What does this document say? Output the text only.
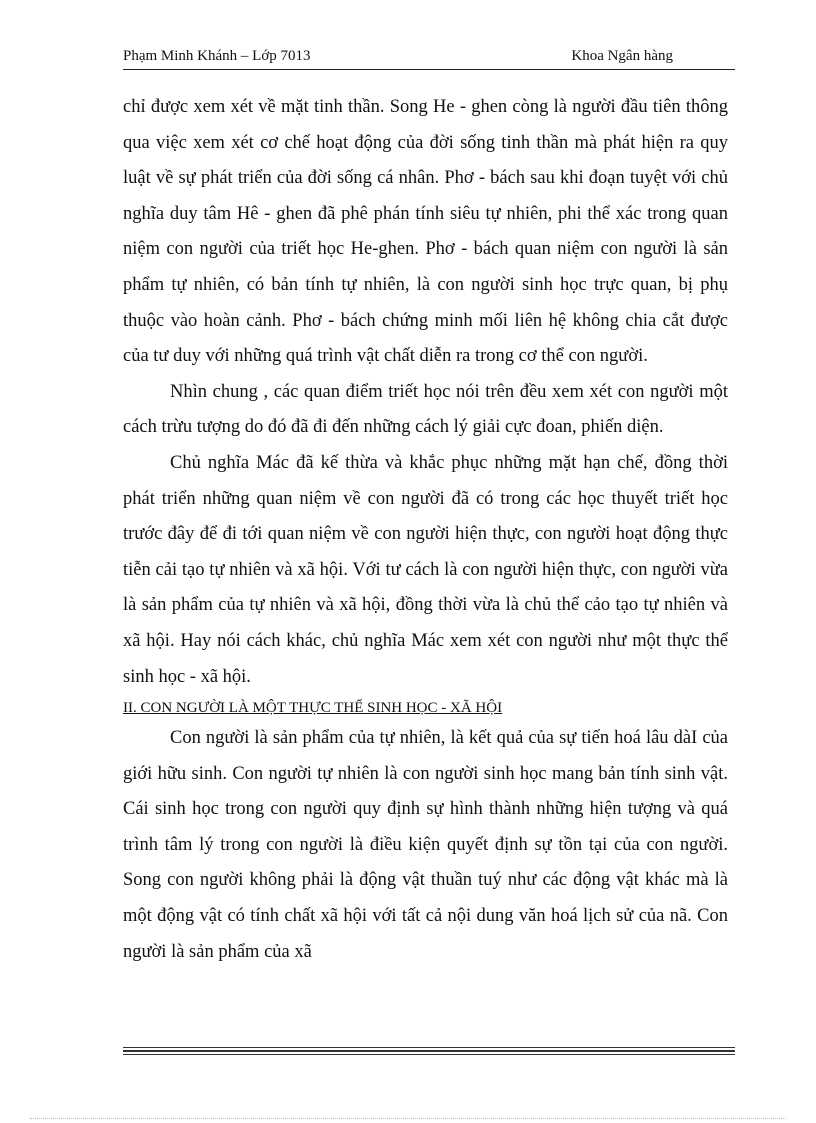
Phạm Minh Khánh – Lớp 7013	Khoa Ngân hàng

chỉ được xem xét về mặt tinh thần. Song He - ghen còng là người đầu tiên thông qua việc xem xét cơ chế hoạt động của đời sống tinh thần mà phát hiện ra quy luật về sự phát triển của đời sống cá nhân. Phơ - bách sau khi đoạn tuyệt với chủ nghĩa duy tâm Hê - ghen đã phê phán tính siêu tự nhiên, phi thể xác trong quan niệm con người của triết học He-ghen. Phơ - bách quan niệm con người là sản phẩm tự nhiên, có bản tính tự nhiên, là con người sinh học trực quan, bị phụ thuộc vào hoàn cảnh. Phơ - bách chứng minh mối liên hệ không chia cắt được của tư duy với những quá trình vật chất diễn ra trong cơ thể con người.

Nhìn chung , các quan điểm triết học nói trên đều xem xét con người một cách trừu tượng do đó đã đi đến những cách lý giải cực đoan, phiến diện.

Chủ nghĩa Mác đã kế thừa và khắc phục những mặt hạn chế, đồng thời phát triển những quan niệm về con người đã có trong các học thuyết triết học trước đây để đi tới quan niệm về con người hiện thực, con người hoạt động thực tiễn cải tạo tự nhiên và xã hội. Với tư cách là con người hiện thực, con người vừa là sản phẩm của tự nhiên và xã hội, đồng thời vừa là chủ thể cảo tạo tự nhiên và xã hội. Hay nói cách khác, chủ nghĩa Mác xem xét con người như một thực thể sinh học - xã hội.

II. CON NGƯỜI LÀ MỘT THỰC THỂ SINH HỌC - XÃ HỘI

Con người là sản phẩm của tự nhiên, là kết quả của sự tiến hoá lâu dàI của giới hữu sinh. Con người tự nhiên là con người sinh học mang bản tính sinh vật. Cái sinh học trong con người quy định sự hình thành những hiện tượng và quá trình tâm lý trong con người là điều kiện quyết định sự tồn tại của con người. Song con người không phải là động vật thuần tuý như các động vật khác mà là một động vật có tính chất xã hội với tất cả nội dung văn hoá lịch sử của nã. Con người là sản phẩm của xã
